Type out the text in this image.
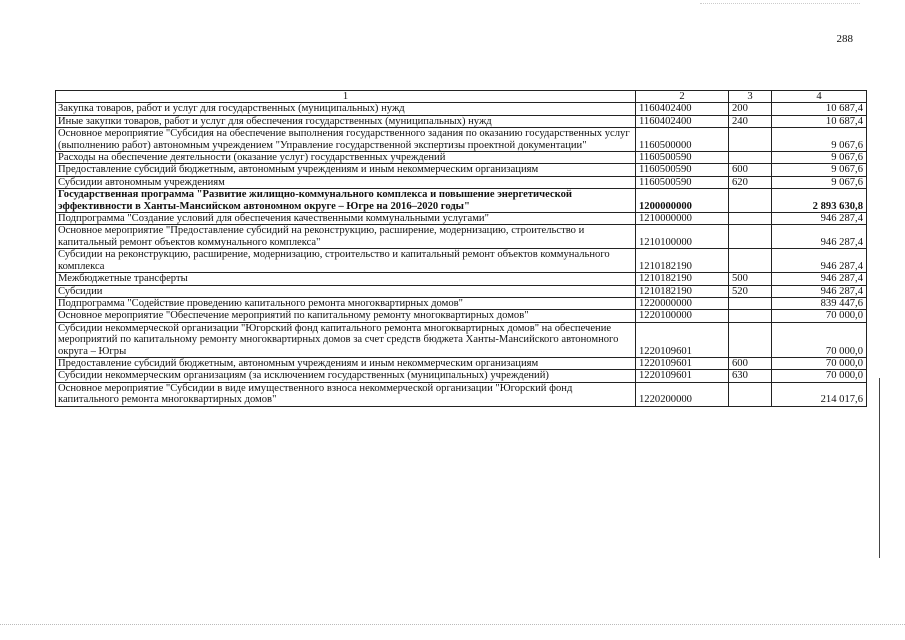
288
1	2	3	4
Закупка товаров, работ и услуг для государственных (муниципальных) нужд	1160402400	200	10 687,4
Иные закупки товаров, работ и услуг для обеспечения государственных (муниципальных) нужд	1160402400	240	10 687,4
Основное мероприятие "Субсидия на обеспечение выполнения государственного задания по оказанию государственных услуг (выполнению работ) автономным учреждением "Управление государственной экспертизы проектной документации"	1160500000		9 067,6
Расходы на обеспечение деятельности (оказание услуг) государственных учреждений	1160500590		9 067,6
Предоставление субсидий бюджетным, автономным учреждениям и иным некоммерческим организациям	1160500590	600	9 067,6
Субсидии автономным учреждениям	1160500590	620	9 067,6
Государственная программа "Развитие жилищно-коммунального комплекса и повышение энергетической эффективности в Ханты-Мансийском автономном округе – Югре на 2016–2020 годы"	1200000000		2 893 630,8
Подпрограмма "Создание условий для обеспечения качественными коммунальными услугами"	1210000000		946 287,4
Основное мероприятие "Предоставление субсидий на реконструкцию, расширение, модернизацию, строительство и капитальный ремонт объектов коммунального комплекса"	1210100000		946 287,4
Субсидии на реконструкцию, расширение, модернизацию, строительство и капитальный ремонт объектов коммунального комплекса	1210182190		946 287,4
Межбюджетные трансферты	1210182190	500	946 287,4
Субсидии	1210182190	520	946 287,4
Подпрограмма "Содействие проведению капитального ремонта многоквартирных домов"	1220000000		839 447,6
Основное мероприятие "Обеспечение мероприятий по капитальному ремонту многоквартирных домов"	1220100000		70 000,0
Субсидии некоммерческой организации "Югорский фонд капитального ремонта многоквартирных домов" на обеспечение мероприятий по капитальному ремонту многоквартирных домов за счет средств бюджета Ханты-Мансийского автономного округа – Югры	1220109601		70 000,0
Предоставление субсидий бюджетным, автономным учреждениям и иным некоммерческим организациям	1220109601	600	70 000,0
Субсидии некоммерческим организациям (за исключением государственных (муниципальных) учреждений)	1220109601	630	70 000,0
Основное мероприятие "Субсидии в виде имущественного взноса некоммерческой организации "Югорский фонд капитального ремонта многоквартирных домов"	1220200000		214 017,6
